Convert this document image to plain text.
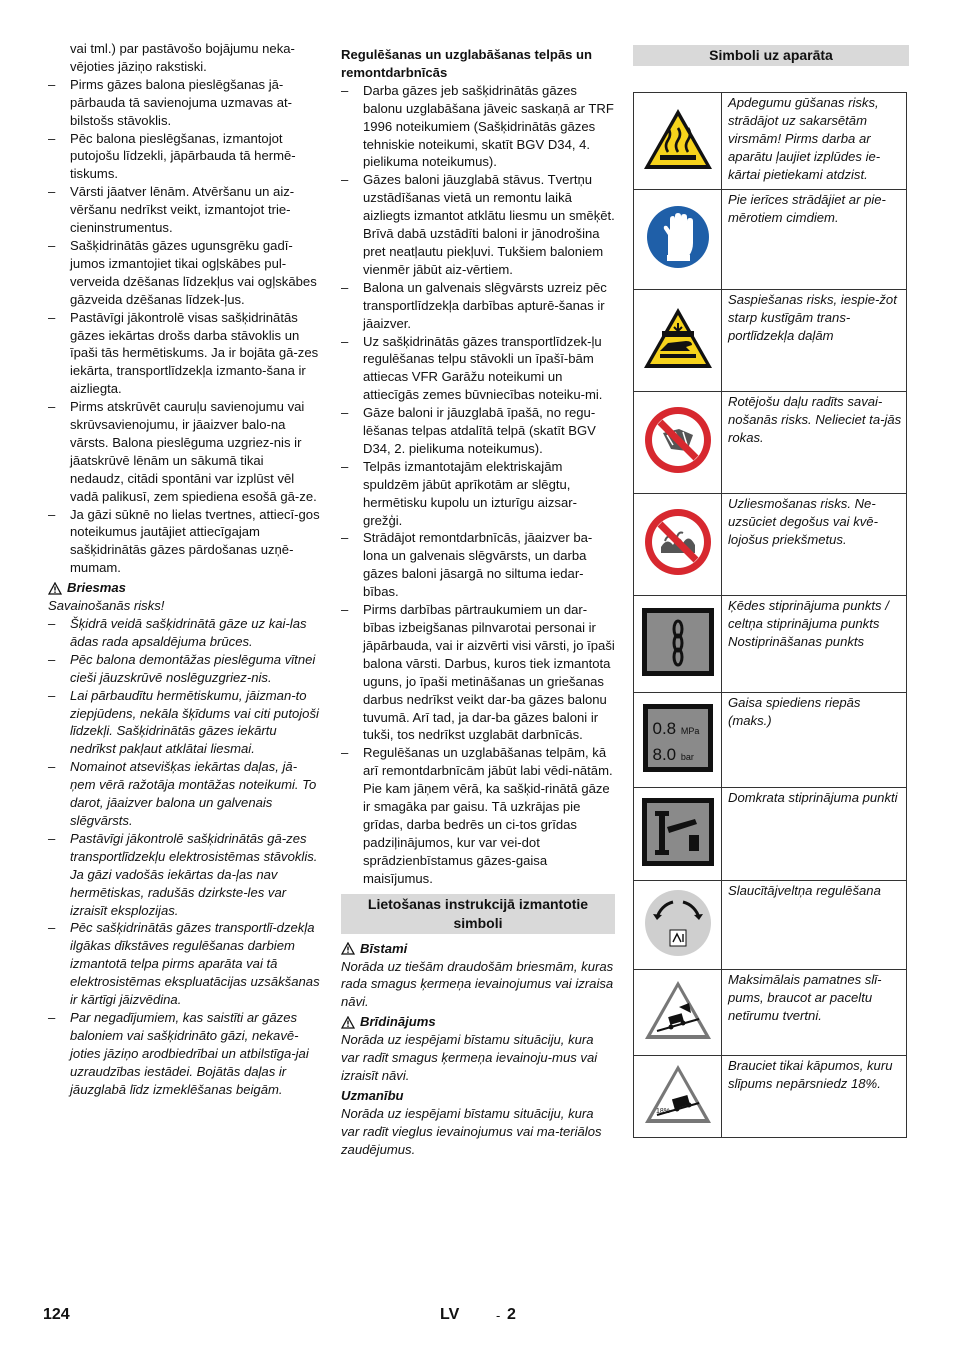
vai tml.) par pastāvošo bojājumu neka-vējoties jāziņo rakstiski.
– Pirms gāzes balona pieslēgšanas jā-pārbauda tā savienojuma uzmavas at-bilstošs stāvoklis.
– Pēc balona pieslēgšanas, izmantojot putojošu līdzekli, jāpārbauda tā hermē-tiskums.
– Vārsti jāatver lēnām. Atvēršanu un aiz-vēršanu nedrīkst veikt, izmantojot trie-cieninstrumentus.
– Sašķidrinātās gāzes ugunsgrēku gadī-jumos izmantojiet tikai ogļskābes pul-verveida dzēšanas līdzekļus vai ogļskābes gāzveida dzēšanas līdzek-ļus.
– Pastāvīgi jākontrolē visas sašķidrinātās gāzes iekārtas drošs darba stāvoklis un īpaši tās hermētiskums. Ja ir bojāta gā-zes iekārta, transportlīdzekļa izmanto-šana ir aizliegta.
– Pirms atskrūvēt cauruļu savienojumu vai skrūvsavienojumu, ir jāaizver balo-na vārsts. Balona pieslēguma uzgriez-nis ir jāatskrūvē lēnām un sākumā tikai nedaudz, citādi spontāni var izplūst vēl vadā palikusī, zem spiediena esošā gā-ze.
– Ja gāzi sūknē no lielas tvertnes, attiecī-gos noteikumus jautājiet attiecīgajam sašķidrinātās gāzes pārdošanas uzņē-mumam.
Briesmas
Savainošanās risks!
– Šķidrā veidā sašķidrinātā gāze uz kai-las ādas rada apsaldējuma brūces.
– Pēc balona demontāžas pieslēguma vītnei cieši jāuzskrūvē noslēguzgriez-nis.
– Lai pārbaudītu hermētiskumu, jāizman-to ziepjūdens, nekāla šķīdums vai citi putojoši līdzekļi. Sašķidrinātās gāzes iekārtu nedrīkst pakļaut atklātai liesmai.
– Nomainot atsevišķas iekārtas daļas, jā-ņem vērā ražotāja montāžas noteikumi. To darot, jāaizver balona un galvenais slēgvārsts.
– Pastāvīgi jākontrolē sašķidrinātās gā-zes transportlīdzekļu elektrosistēmas stāvoklis. Ja gāzi vadošās iekārtas da-ļas nav hermētiskas, radušās dzirkste-les var izraisīt eksplozijas.
– Pēc sašķidrinātās gāzes transportlī-dzekļa ilgākas dīkstāves regulēšanas darbiem izmantotā telpa pirms aparāta vai tā elektrosistēmas ekspluatācijas uzsākšanas ir kārtīgi jāizvēdina.
– Par negadījumiem, kas saistīti ar gāzes baloniem vai sašķidrināto gāzi, nekavē-joties jāziņo arodbiedrībai un atbilstīga-jai uzraudzības iestādei. Bojātās daļas ir jāuzglabā līdz izmeklēšanas beigām.
Regulēšanas un uzglabāšanas telpās un remontdarbnīcās
– Darba gāzes jeb sašķidrinātās gāzes balonu uzglabāšana jāveic saskaņā ar TRF 1996 noteikumiem (Sašķidrinātās gāzes tehniskie noteikumi, skatīt BGV D34, 4. pielikuma noteikumus).
– Gāzes baloni jāuzglabā stāvus. Tvertņu uzstādīšanas vietā un remontu laikā aizliegts izmantot atklātu liesmu un smēķēt. Brīvā dabā uzstādīti baloni ir jānodrošina pret neatļautu piekļuvi. Tukšiem baloniem vienmēr jābūt aiz-vērtiem.
– Balona un galvenais slēgvārsts uzreiz pēc transportlīdzekļa darbības apturē-šanas ir jāaizver.
– Uz sašķidrinātās gāzes transportlīdzek-ļu regulēšanas telpu stāvokli un īpašī-bām attiecas VFR Garāžu noteikumi un attiecīgās zemes būvniecības noteiku-mi.
– Gāze baloni ir jāuzglabā īpašā, no regu-lēšanas telpas atdalītā telpā (skatīt BGV D34, 2. pielikuma noteikumus).
– Telpās izmantotajām elektriskajām spuldzēm jābūt aprīkotām ar slēgtu, hermētisku kupolu un izturīgu aizsar-grežģi.
– Strādājot remontdarbnīcās, jāaizver ba-lona un galvenais slēgvārsts, un darba gāzes baloni jāsargā no siltuma iedar-bības.
– Pirms darbības pārtraukumiem un dar-bības izbeigšanas pilnvarotai personai ir jāpārbauda, vai ir aizvērti visi vārsti, jo īpaši balona vārsti. Darbus, kuros tiek izmantota uguns, jo īpaši metināšanas un griešanas darbus nedrīkst veikt dar-ba gāzes balonu tuvumā. Arī tad, ja dar-ba gāzes baloni ir tukši, tos nedrīkst uzglabāt darbnīcās.
– Regulēšanas un uzglabāšanas telpām, kā arī remontdarbnīcām jābūt labi vēdi-nātām. Pie kam jāņem vērā, ka sašķid-rinātā gāze ir smagāka par gaisu. Tā uzkrājas pie grīdas, darba bedrēs un ci-tos grīdas padziļinājumos, kur var vei-dot sprādzienbīstamus gāzes-gaisa maisījumus.
Lietošanas instrukcijā izmantotie simboli
Bīstami
Norāda uz tiešām draudošām briesmām, kuras rada smagus ķermeņa ievainojumus vai izraisa nāvi.
Brīdinājums
Norāda uz iespējami bīstamu situāciju, kura var radīt smagus ķermeņa ievainoju-mus vai izraisīt nāvi.
Uzmanību
Norāda uz iespējami bīstamu situāciju, kura var radīt vieglus ievainojumus vai ma-teriālos zaudējumus.
Simboli uz aparāta
	Apdegumu gūšanas risks, strādājot uz sakarsētām virsmām! Pirms darba ar aparātu ļaujiet izplūdes ie-kārtai pietiekami atdzist.
	Pie ierīces strādājiet ar pie-mērotiem cimdiem.
	Saspiešanas risks, iespie-žot starp kustīgām trans-portlīdzekļa daļām
	Rotējošu daļu radīts savai-nošanās risks. Nelieciet ta-jās rokas.
	Uzliesmošanas risks. Ne-uzsūciet degošus vai kvē-lojošus priekšmetus.
	Ķēdes stiprinājuma punkts / celtņa stiprinājuma punkts Nostiprināšanas punkts

0.8 MPa
8.0 bar	Gaisa spiediens riepās (maks.)
	Domkrata stiprinājuma punkti
	Slaucītājveltņa regulēšana
	Maksimālais pamatnes slī-pums, braucot ar paceltu netīrumu tvertni.

18%	Brauciet tikai kāpumos, kuru slīpums nepārsniedz 18%.
124	LV	- 2
